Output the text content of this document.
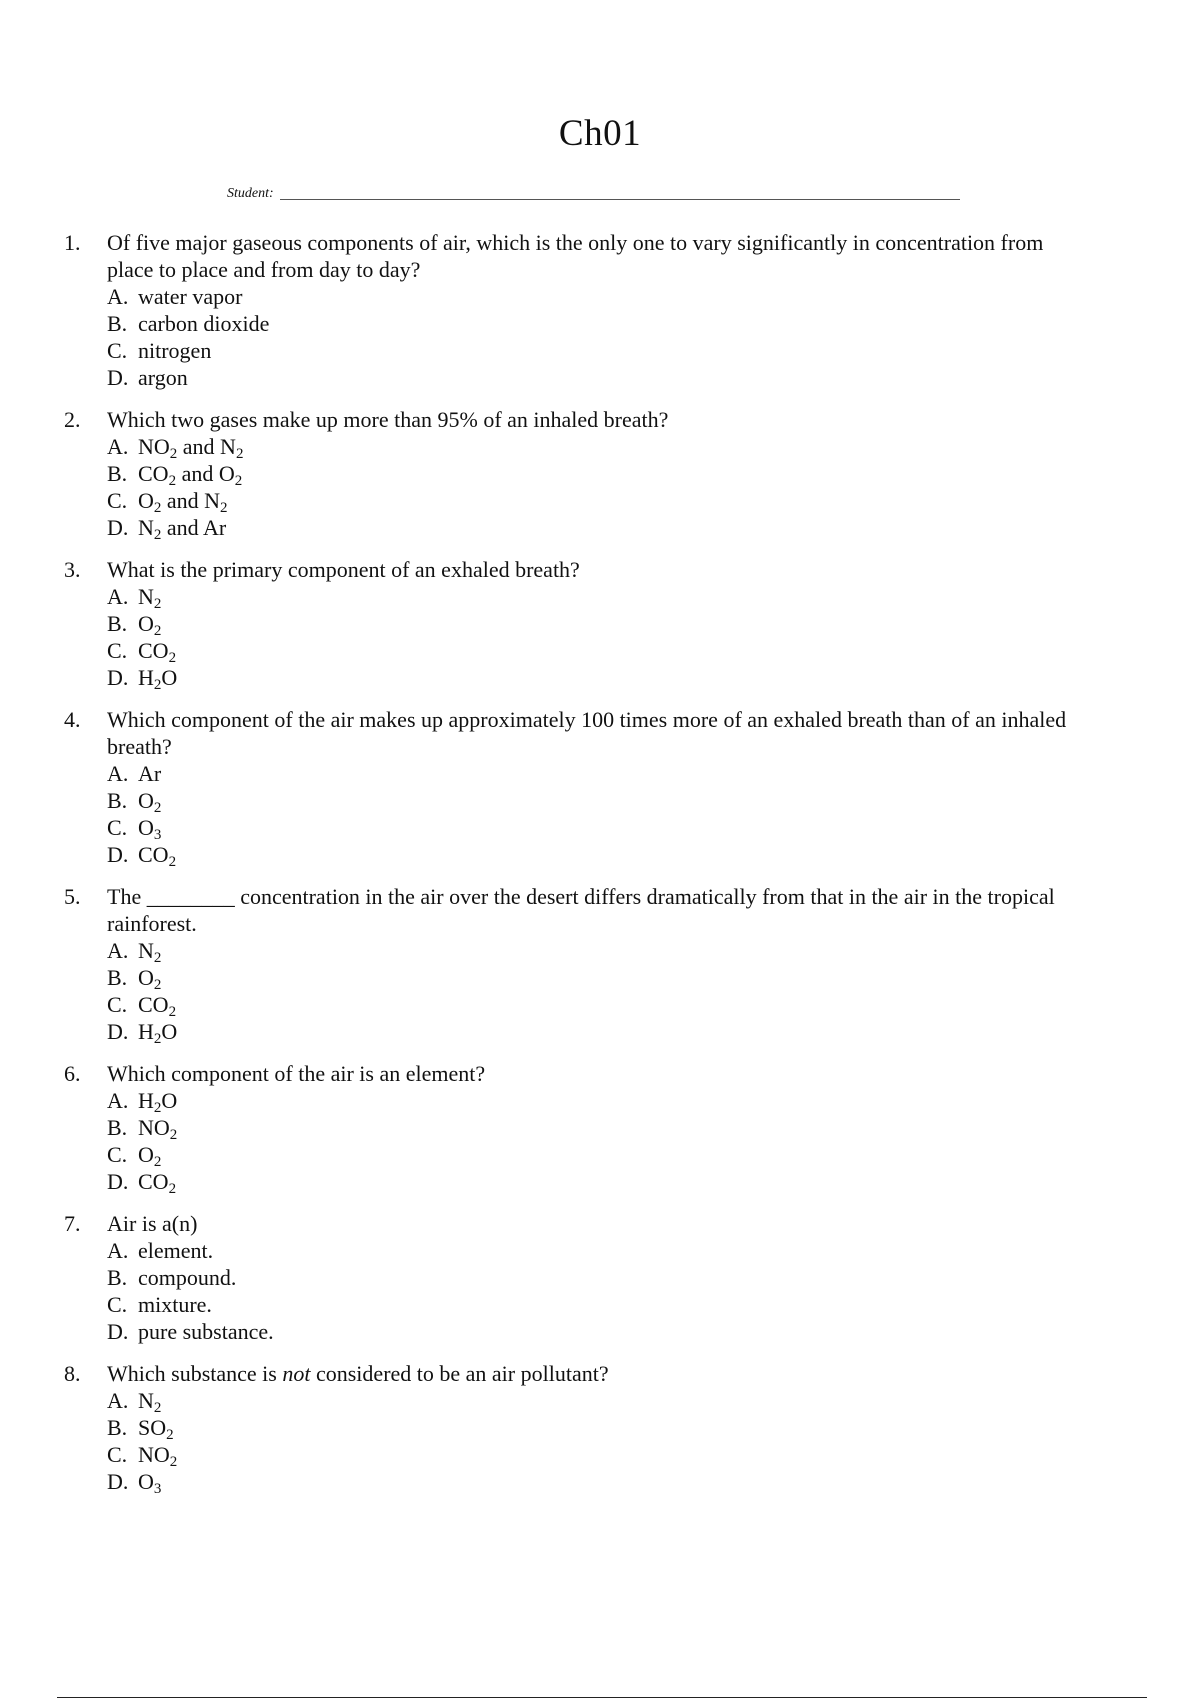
Ch01
Student:
1. Of five major gaseous components of air, which is the only one to vary significantly in concentration from place to place and from day to day?
A. water vapor
B. carbon dioxide
C. nitrogen
D. argon
2. Which two gases make up more than 95% of an inhaled breath?
A. $NO_2$ and $N_2$
B. $CO_2$ and $O_2$
C. $O_2$ and $N_2$
D. $N_2$ and Ar
3. What is the primary component of an exhaled breath?
A. $N_2$
B. $O_2$
C. $CO_2$
D. $H_2O$
4. Which component of the air makes up approximately 100 times more of an exhaled breath than of an inhaled breath?
A. Ar
B. $O_2$
C. $O_3$
D. $CO_2$
5. The ________ concentration in the air over the desert differs dramatically from that in the air in the tropical rainforest.
A. $N_2$
B. $O_2$
C. $CO_2$
D. $H_2O$
6. Which component of the air is an element?
A. $H_2O$
B. $NO_2$
C. $O_2$
D. $CO_2$
7. Air is a(n)
A. element.
B. compound.
C. mixture.
D. pure substance.
8. Which substance is not considered to be an air pollutant?
A. $N_2$
B. $SO_2$
C. $NO_2$
D. $O_3$
